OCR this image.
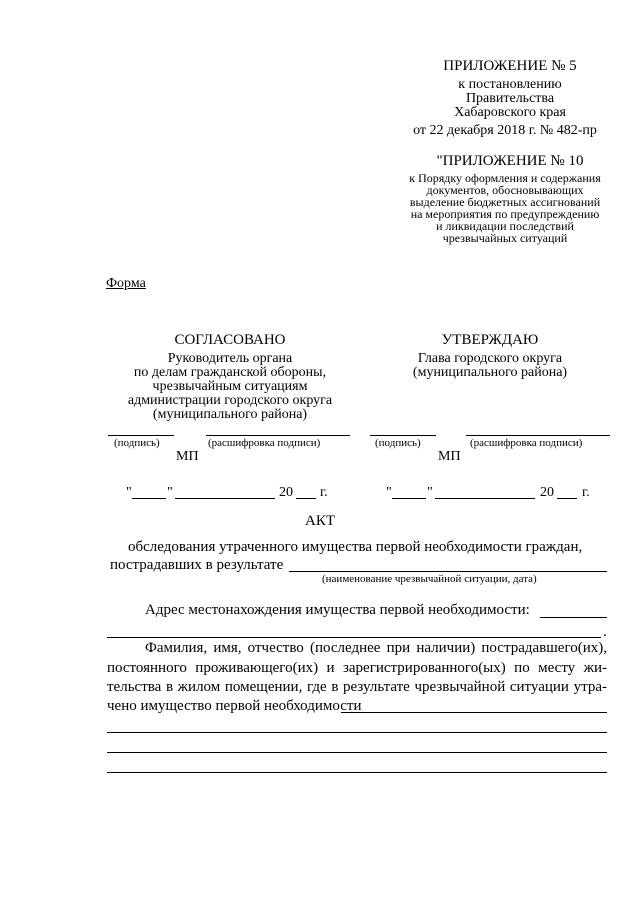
ПРИЛОЖЕНИЕ № 5
к постановлению
Правительства
Хабаровского края
от 22 декабря 2018 г. № 482-пр
"ПРИЛОЖЕНИЕ № 10
к Порядку оформления и содержания
документов, обосновывающих
выделение бюджетных ассигнований
на мероприятия по предупреждению
и ликвидации последствий
чрезвычайных ситуаций
Форма
СОГЛАСОВАНО
Руководитель органа
по делам гражданской обороны,
чрезвычайным ситуациям
администрации городского округа
(муниципального района)
(подпись)	(расшифровка подписи)
МП
"	"	20 г.
УТВЕРЖДАЮ
Глава городского округа
(муниципального района)
(подпись)	(расшифровка подписи)
МП
"	"	20 г.
АКТ
обследования утраченного имущества первой необходимости граждан,
пострадавших в результате
(наименование чрезвычайной ситуации, дата)
Адрес местонахождения имущества первой необходимости:
.
Фамилия, имя, отчество (последнее при наличии) пострадавшего(их),
постоянного проживающего(их) и зарегистрированного(ых) по месту жи-
тельства в жилом помещении, где в результате чрезвычайной ситуации утра-
чено имущество первой необходимости
